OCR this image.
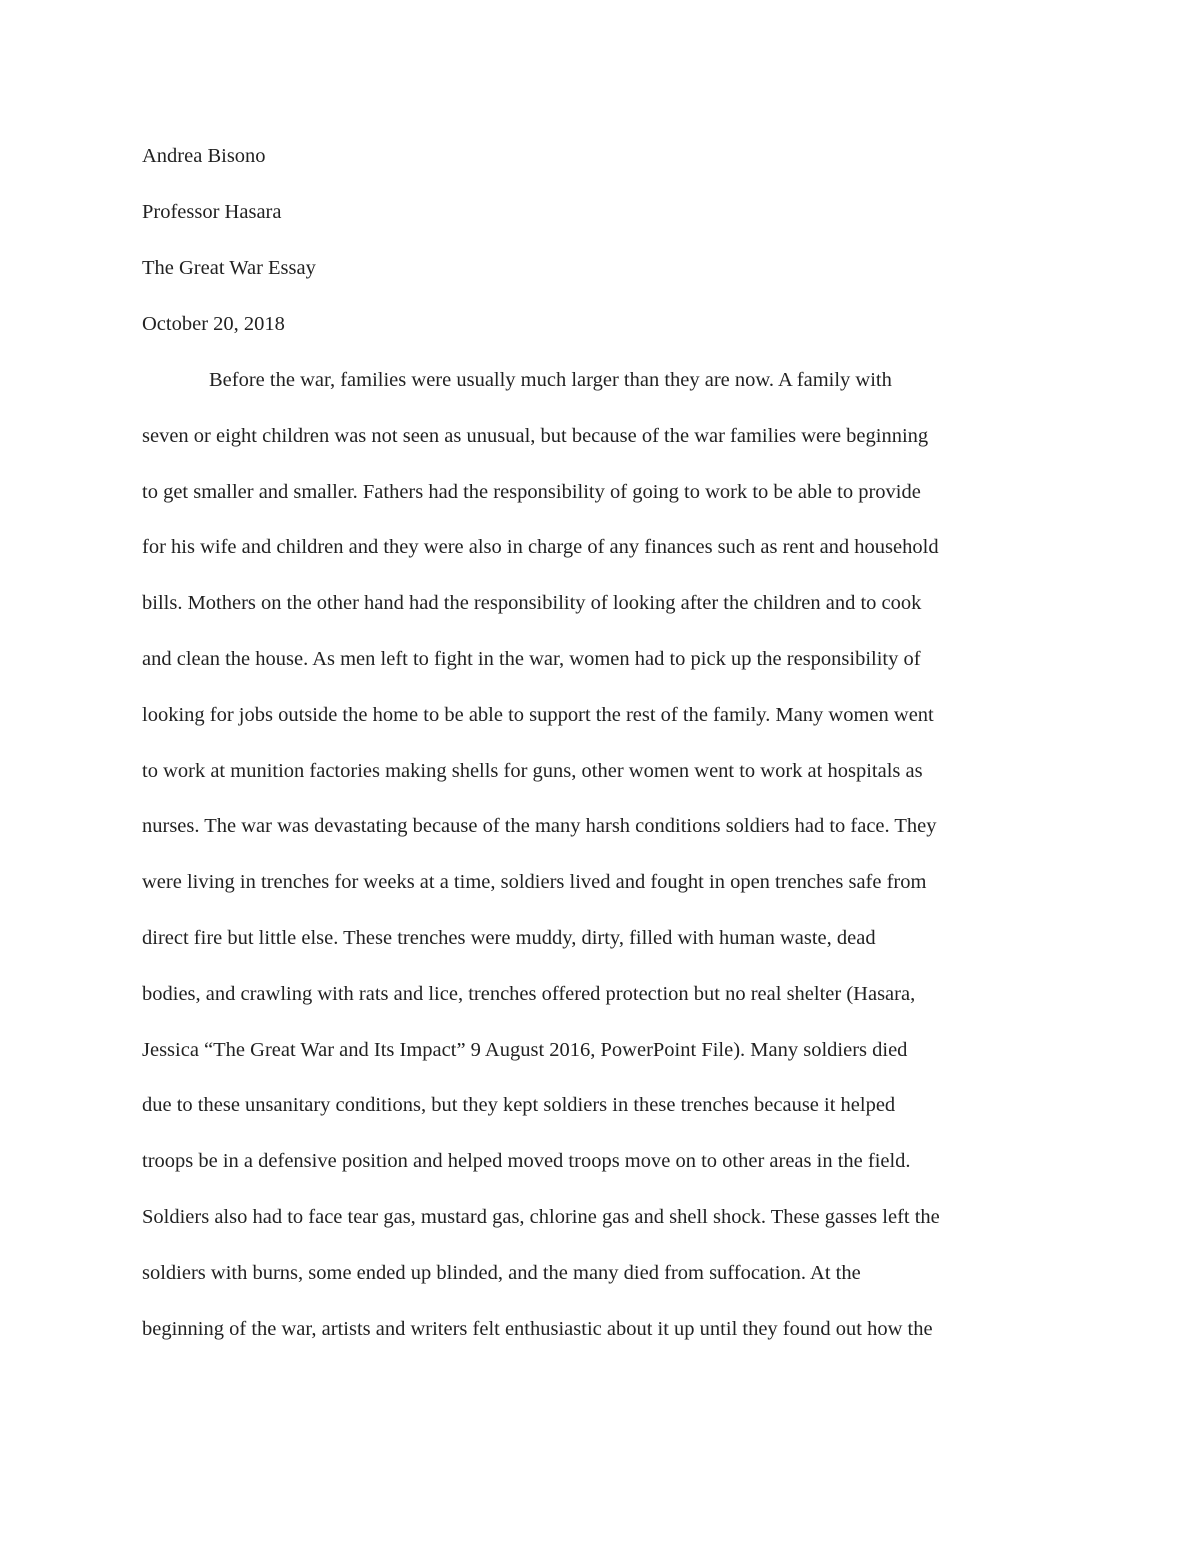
Andrea Bisono
Professor Hasara
The Great War Essay
October 20, 2018
Before the war, families were usually much larger than they are now. A family with
seven or eight children was not seen as unusual, but because of the war families were beginning
to get smaller and smaller. Fathers had the responsibility of going to work to be able to provide
for his wife and children and they were also in charge of any finances such as rent and household
bills. Mothers on the other hand had the responsibility of looking after the children and to cook
and clean the house. As men left to fight in the war, women had to pick up the responsibility of
looking for jobs outside the home to be able to support the rest of the family. Many women went
to work at munition factories making shells for guns, other women went to work at hospitals as
nurses. The war was devastating because of the many harsh conditions soldiers had to face. They
were living in trenches for weeks at a time, soldiers lived and fought in open trenches safe from
direct fire but little else. These trenches were muddy, dirty, filled with human waste, dead
bodies, and crawling with rats and lice, trenches offered protection but no real shelter (Hasara,
Jessica “The Great War and Its Impact” 9 August 2016, PowerPoint File). Many soldiers died
due to these unsanitary conditions, but they kept soldiers in these trenches because it helped
troops be in a defensive position and helped moved troops move on to other areas in the field.
Soldiers also had to face tear gas, mustard gas, chlorine gas and shell shock. These gasses left the
soldiers with burns, some ended up blinded, and the many died from suffocation. At the
beginning of the war, artists and writers felt enthusiastic about it up until they found out how the
